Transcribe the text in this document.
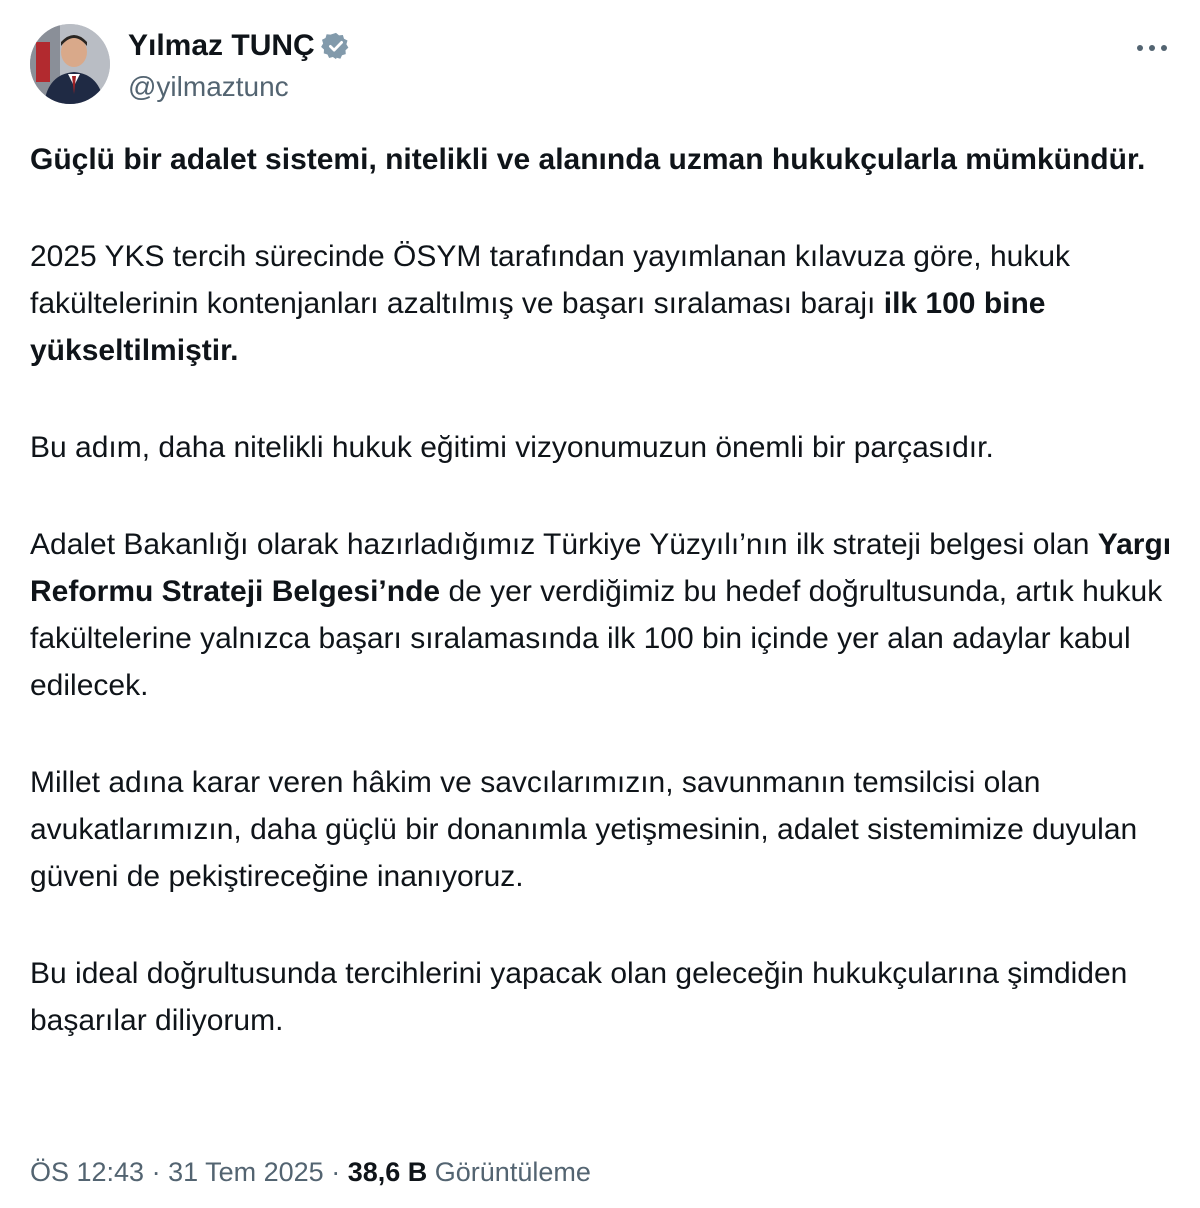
Yılmaz TUNÇ
@yilmaztunc

Güçlü bir adalet sistemi, nitelikli ve alanında uzman hukukçularla mümkündür.

2025 YKS tercih sürecinde ÖSYM tarafından yayımlanan kılavuza göre, hukuk fakültelerinin kontenjanları azaltılmış ve başarı sıralaması barajı ilk 100 bine yükseltilmiştir.

Bu adım, daha nitelikli hukuk eğitimi vizyonumuzun önemli bir parçasıdır.

Adalet Bakanlığı olarak hazırladığımız Türkiye Yüzyılı’nın ilk strateji belgesi olan Yargı Reformu Strateji Belgesi’nde de yer verdiğimiz bu hedef doğrultusunda, artık hukuk fakültelerine yalnızca başarı sıralamasında ilk 100 bin içinde yer alan adaylar kabul edilecek.

Millet adına karar veren hâkim ve savcılarımızın, savunmanın temsilcisi olan avukatlarımızın, daha güçlü bir donanımla yetişmesinin, adalet sistemimize duyulan güveni de pekiştireceğine inanıyoruz.

Bu ideal doğrultusunda tercihlerini yapacak olan geleceğin hukukçularına şimdiden başarılar diliyorum.

ÖS 12:43 · 31 Tem 2025 · 38,6 B Görüntüleme
